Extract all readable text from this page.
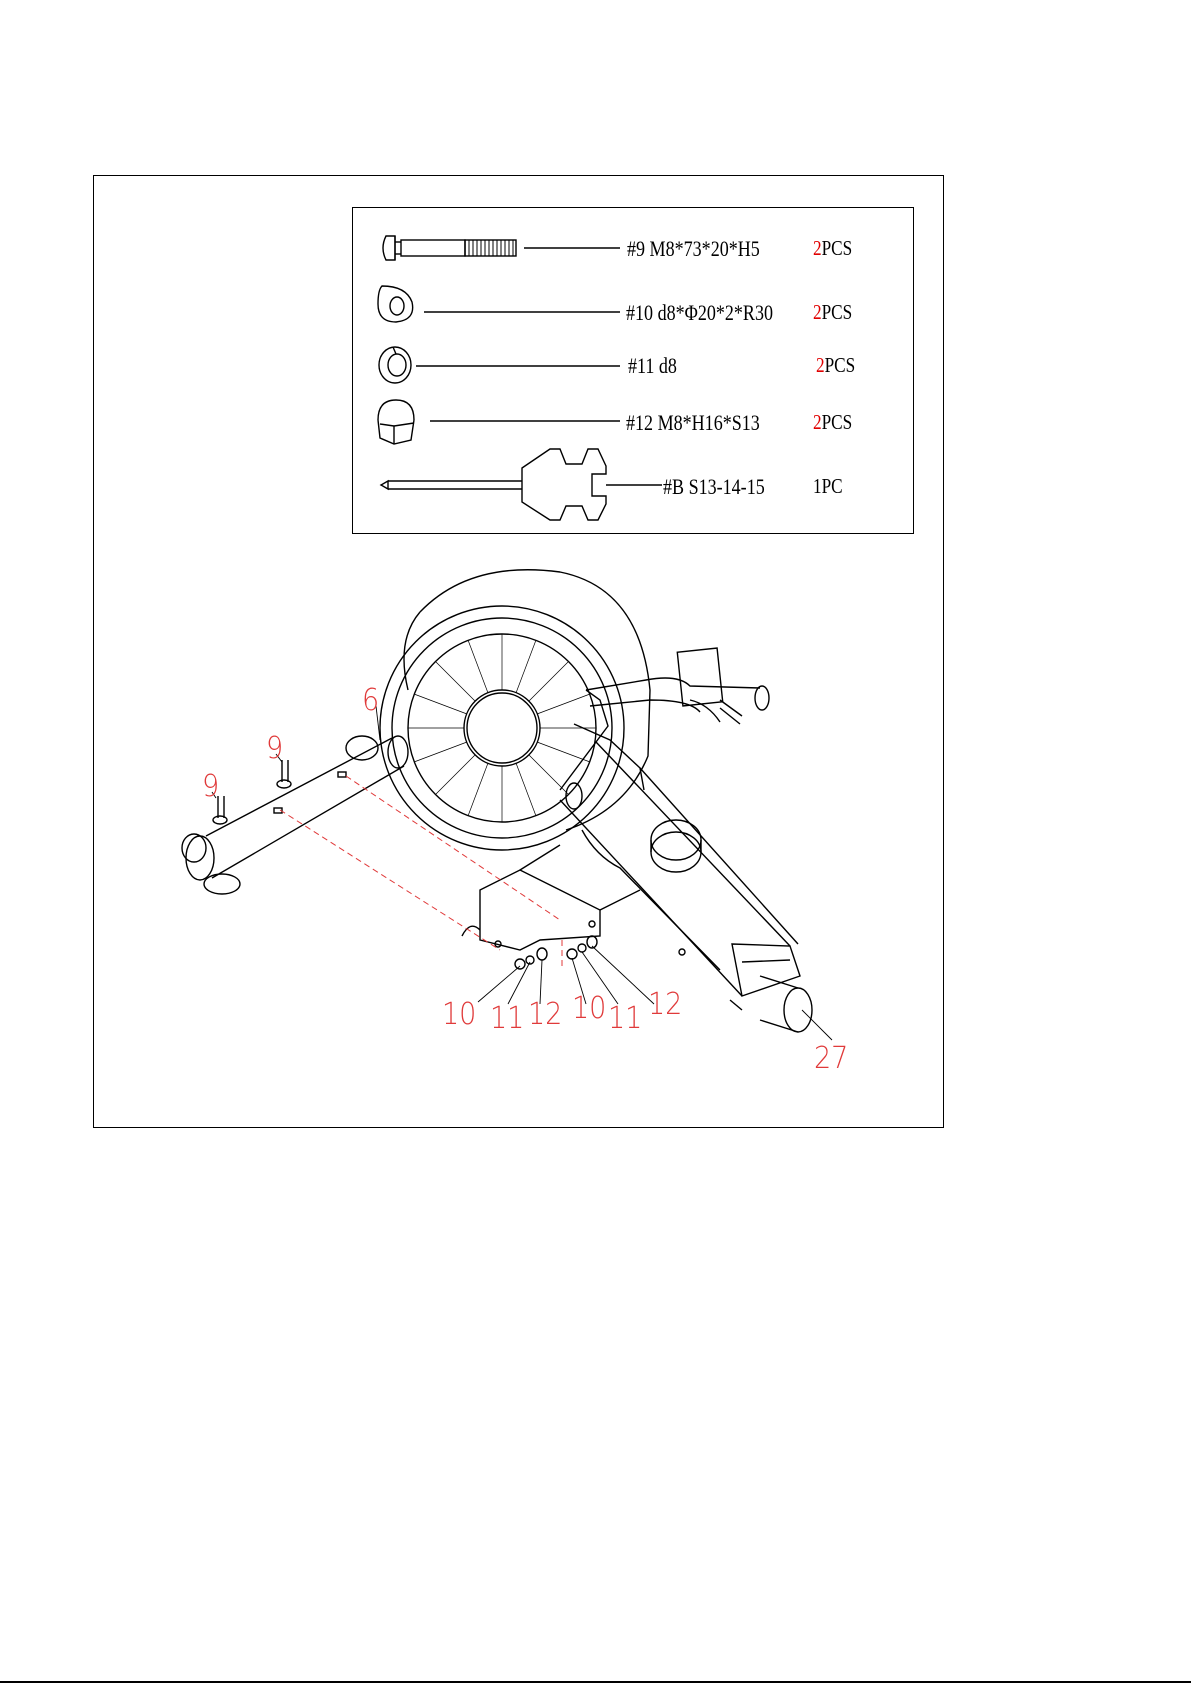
#9 M8*73*20*H5	2PCS
#10 d8*Φ20*2*R30 2PCS
#11 d8	2PCS
#12 M8*H16*S13	2PCS
#B S13-14-15 1PC
6
9
9
10 11 12 10 11 12
27
